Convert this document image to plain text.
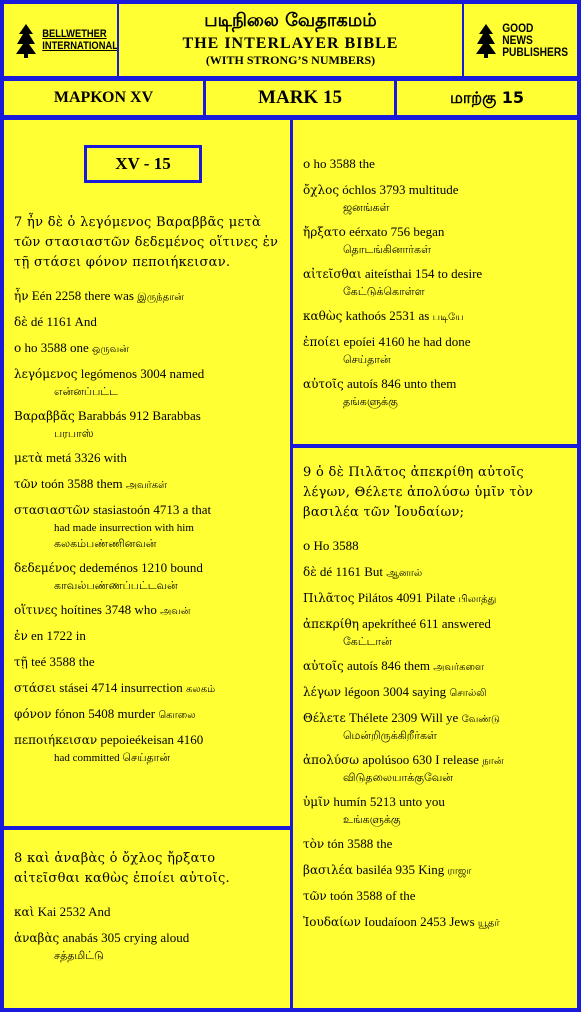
BELLWETHER INTERNATIONAL
படிநிலை வேதாகமம்
THE INTERLAYER BIBLE
(WITH STRONG’S NUMBERS)
GOOD NEWS PUBLISHERS
ΜΑΡΚΟΝ XV	MARK 15	மாற்கு 15
7 ἦν δὲ ὁ λεγόμενος Βαραββᾶς μετὰ τῶν στασιαστῶν δεδεμένος οἵτινες ἐν τῇ στάσει φόνον πεποιήκεισαν.
ἦν Eén 2258 there was இருந்தான்
δὲ dé 1161 And
ο ho 3588 one ஒருவன்
λεγόμενος legómenos 3004 named
என்னப்பட்ட
Βαραββᾶς Barabbás 912 Barabbas
பரபாஸ்
μετὰ metá 3326 with
τῶν toón 3588 them அவர்கள்
στασιαστῶν stasiastoón 4713 a that
had made insurrection with him கலகம்பண்ணினவன்
δεδεμένος dedeménos 1210 bound
காவல்பண்ணப்பட்டவன்
οἵτινες hoítines 3748 who அவன்
ἐν en 1722 in
τῇ teé 3588 the
στάσει stásei 4714 insurrection கலகம்
φόνον fónon 5408 murder கொலை
πεποιήκεισαν pepoieékeisan 4160
had committed செய்தான்
XV - 15
8 καὶ ἀναβὰς ὁ ὄχλος ἤρξατο αἰτεῖσθαι καθὼς ἐποίει αὐτοῖς.
καὶ Kai 2532 And
ἀναβὰς anabás 305 crying aloud
சத்தமிட்டு
ο ho 3588 the
ὄχλος óchlos 3793 multitude
ஜனங்கள்
ἤρξατο eérxato 756 began
தொடங்கினார்கள்
αἰτεῖσθαι aiteísthai 154 to desire
கேட்டுக்கொள்ள
καθὼς kathoós 2531 as படியே
ἐποίει epoíei 4160 he had done
செய்தான்
αὐτοῖς autoís 846 unto them
தங்களுக்கு
9 ὁ δὲ Πιλᾶτος ἀπεκρίθη αὐτοῖς λέγων, Θέλετε ἀπολύσω ὑμῖν τὸν βασιλέα τῶν Ἰουδαίων;
ο Ho 3588
δὲ dé 1161 But ஆனால்
Πιλᾶτος Pilátos 4091 Pilate பிலாத்து
ἀπεκρίθη apekrítheé 611 answered
கேட்டான்
αὐτοῖς autoís 846 them அவர்களை
λέγων légoon 3004 saying சொல்லி
Θέλετε Thélete 2309 Will ye வேண்டு
மென்றிருக்கிறீர்கள்
ἀπολύσω apolúsoo 630 I release நான்
விடுதலையாக்குவேன்
ὑμῖν humín 5213 unto you
உங்களுக்கு
τὸν tón 3588 the
βασιλέα basiléa 935 King ராஜா
τῶν toón 3588 of the
Ἰουδαίων Ioudaíoon 2453 Jews யூதர்
